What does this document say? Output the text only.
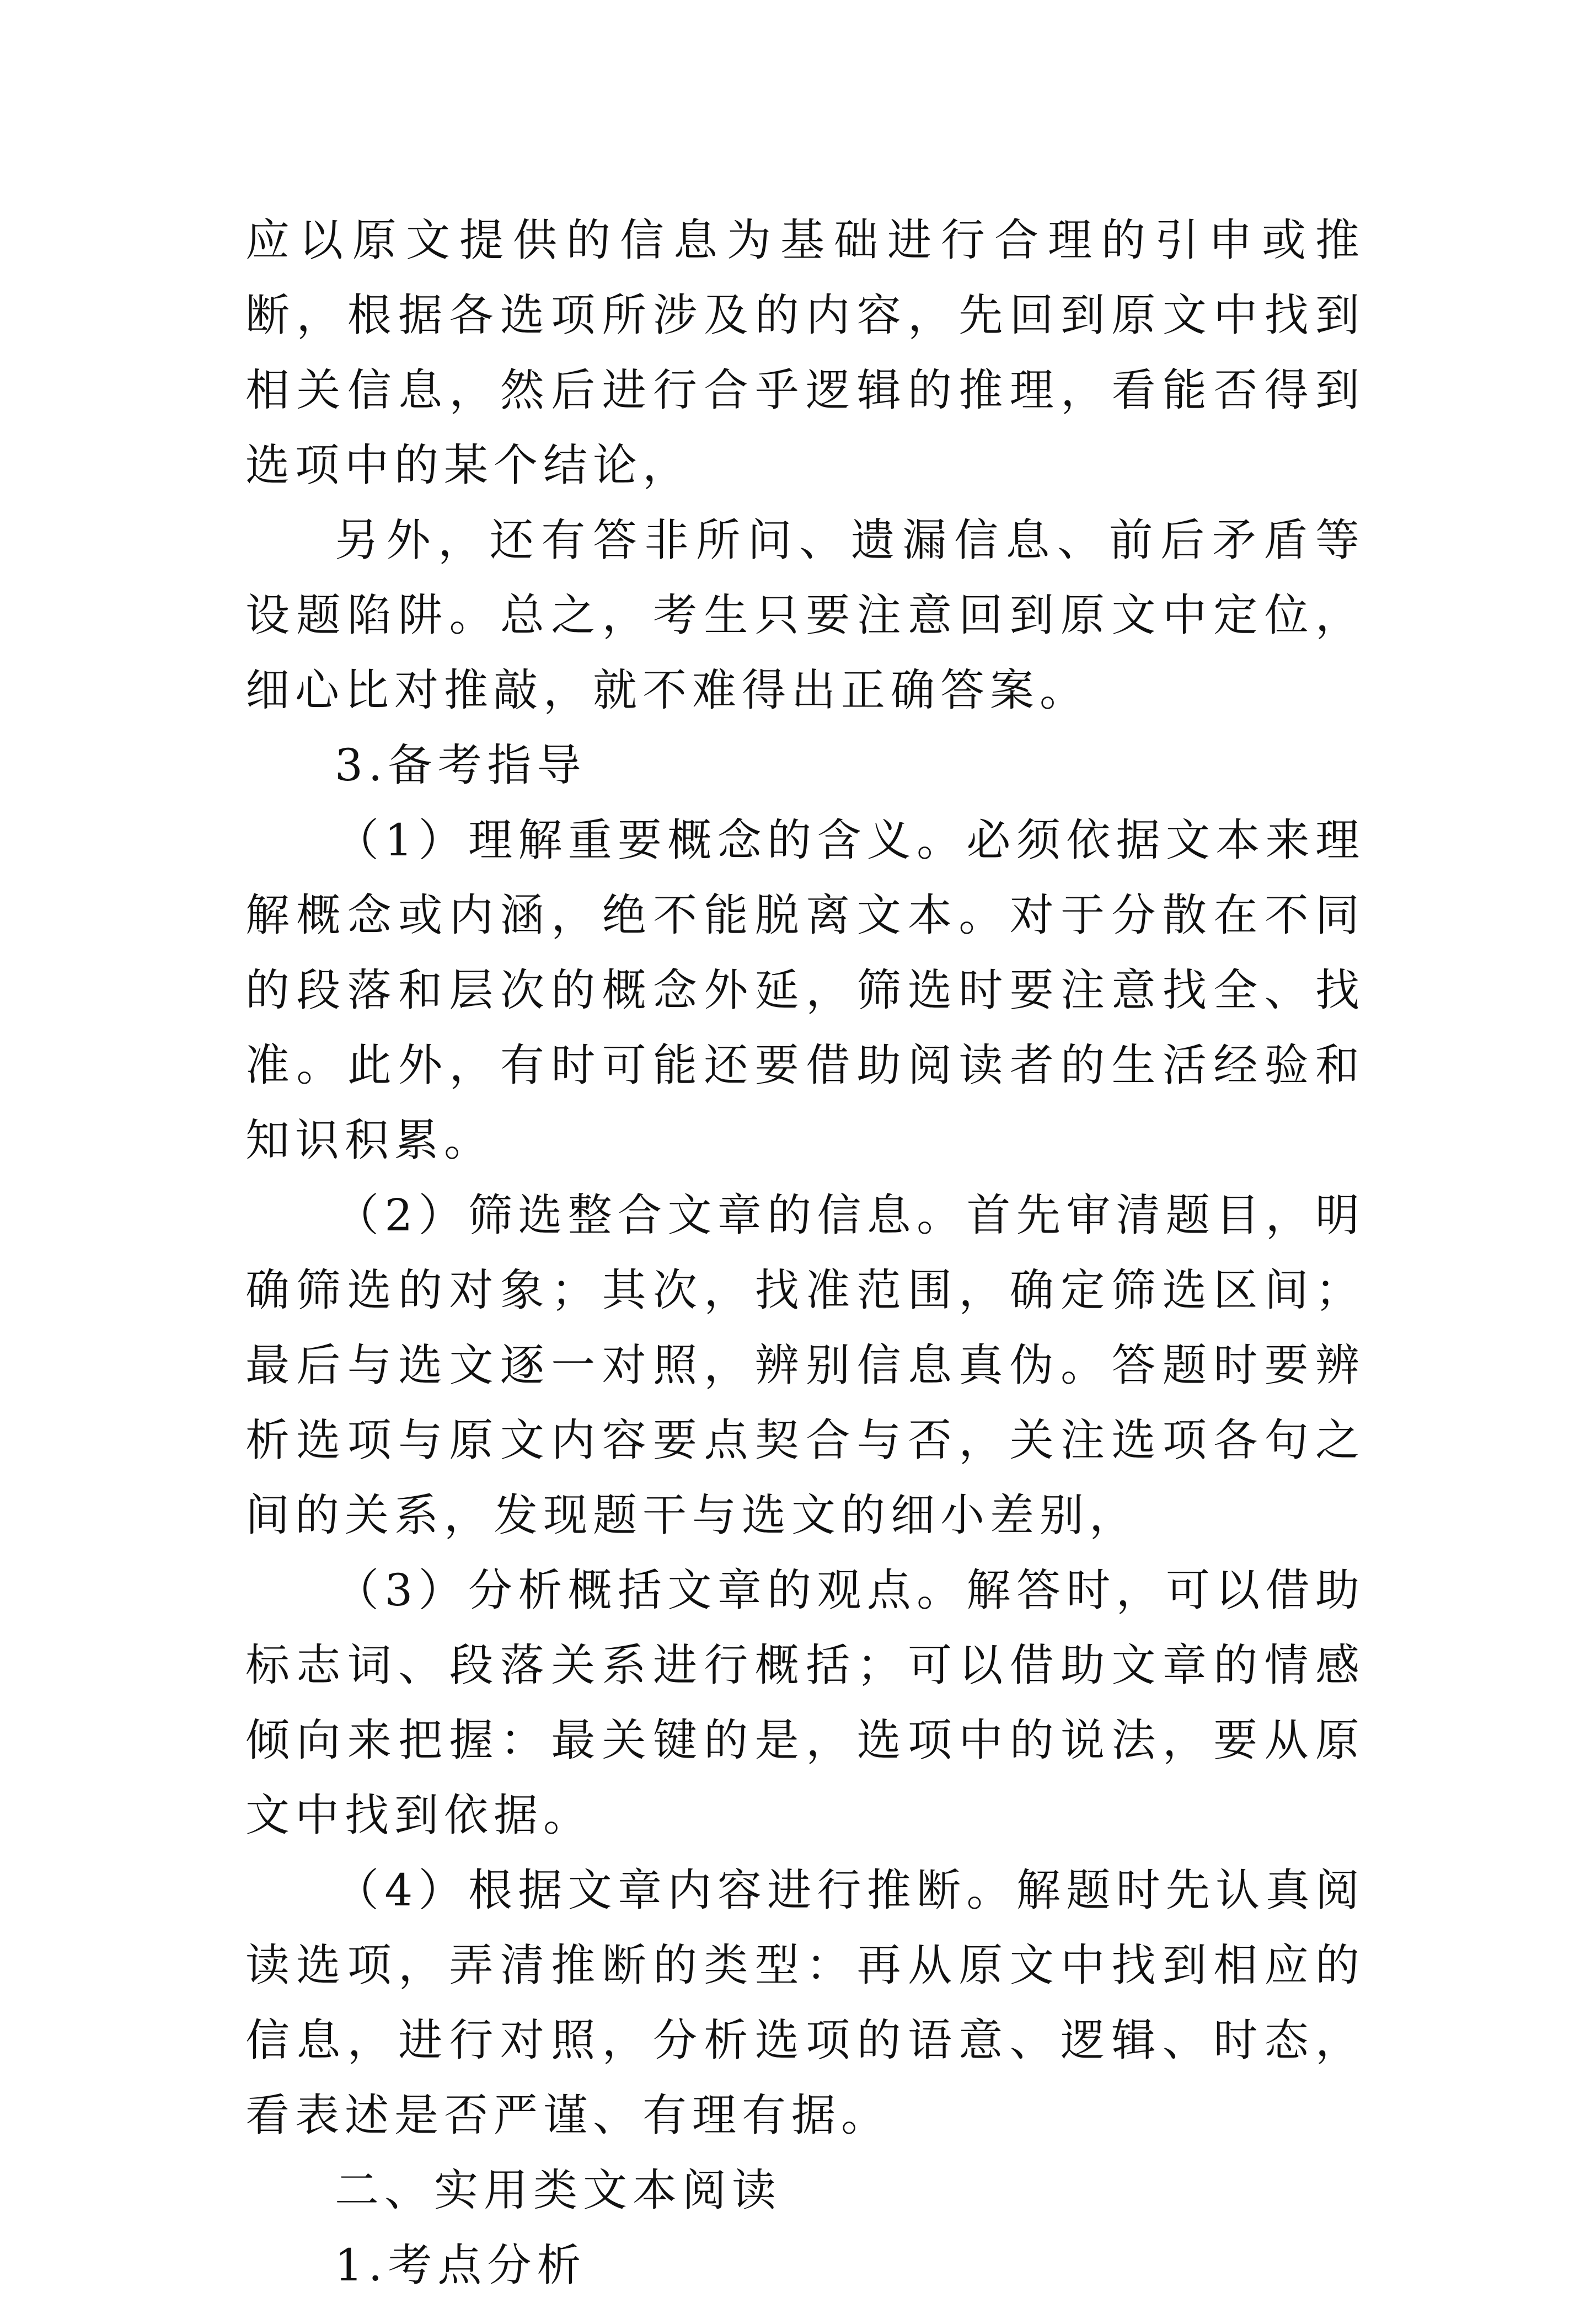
应以原文提供的信息为基础进行合理的引申或推断，根据各选项所涉及的内容，先回到原文中找到相关信息，然后进行合乎逻辑的推理，看能否得到选项中的某个结论，

另外，还有答非所问、遗漏信息、前后矛盾等设题陷阱。总之，考生只要注意回到原文中定位，细心比对推敲，就不难得出正确答案。

3.备考指导

（1）理解重要概念的含义。必须依据文本来理解概念或内涵，绝不能脱离文本。对于分散在不同的段落和层次的概念外延，筛选时要注意找全、找准。此外，有时可能还要借助阅读者的生活经验和知识积累。

（2）筛选整合文章的信息。首先审清题目，明确筛选的对象；其次，找准范围，确定筛选区间；最后与选文逐一对照，辨别信息真伪。答题时要辨析选项与原文内容要点契合与否，关注选项各句之间的关系，发现题干与选文的细小差别，

（3）分析概括文章的观点。解答时，可以借助标志词、段落关系进行概括；可以借助文章的情感倾向来把握：最关键的是，选项中的说法，要从原文中找到依据。

（4）根据文章内容进行推断。解题时先认真阅读选项，弄清推断的类型：再从原文中找到相应的信息，进行对照，分析选项的语意、逻辑、时态，看表述是否严谨、有理有据。

二、实用类文本阅读

1.考点分析
